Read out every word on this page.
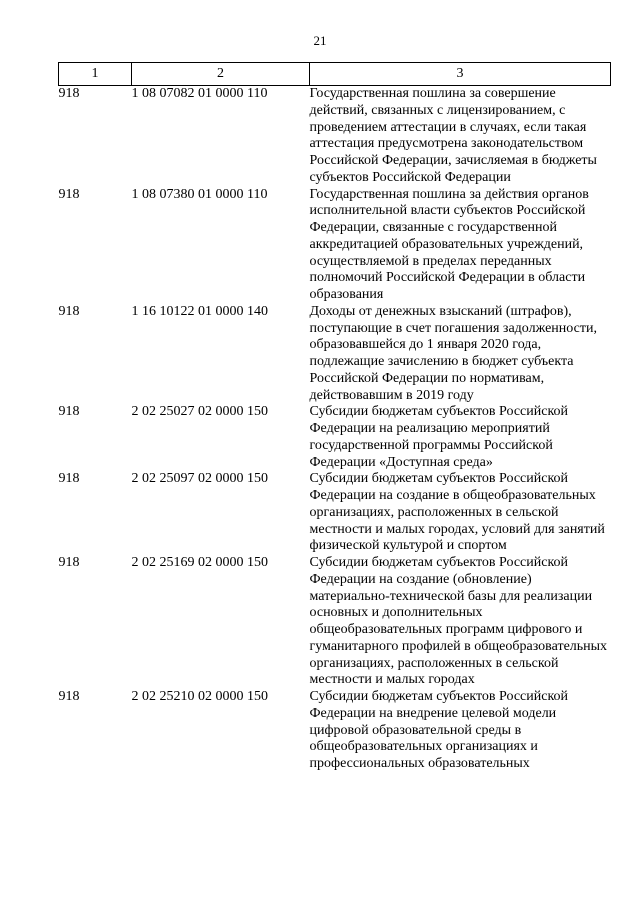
21
1	2	3
918	1 08 07082 01 0000 110	Государственная пошлина за совершение действий, связанных с лицензированием, с проведением аттестации в случаях, если такая аттестация предусмотрена законодательством Российской Федерации, зачисляемая в бюджеты субъектов Российской Федерации
918	1 08 07380 01 0000 110	Государственная пошлина за действия органов исполнительной власти субъектов Российской Федерации, связанные с государственной аккредитацией образовательных учреждений, осуществляемой в пределах переданных полномочий Российской Федерации в области образования
918	1 16 10122 01 0000 140	Доходы от денежных взысканий (штрафов), поступающие в счет погашения задолженности, образовавшейся до 1 января 2020 года, подлежащие зачислению в бюджет субъекта Российской Федерации по нормативам, действовавшим в 2019 году
918	2 02 25027 02 0000 150	Субсидии бюджетам субъектов Российской Федерации на реализацию мероприятий государственной программы Российской Федерации «Доступная среда»
918	2 02 25097 02 0000 150	Субсидии бюджетам субъектов Российской Федерации на создание в общеобразовательных организациях, расположенных в сельской местности и малых городах, условий для занятий физической культурой и спортом
918	2 02 25169 02 0000 150	Субсидии бюджетам субъектов Российской Федерации на создание (обновление) материально-технической базы для реализации основных и дополнительных общеобразовательных программ цифрового и гуманитарного профилей в общеобразовательных организациях, расположенных в сельской местности и малых городах
918	2 02 25210 02 0000 150	Субсидии бюджетам субъектов Российской Федерации на внедрение целевой модели цифровой образовательной среды в общеобразовательных организациях и профессиональных образовательных
